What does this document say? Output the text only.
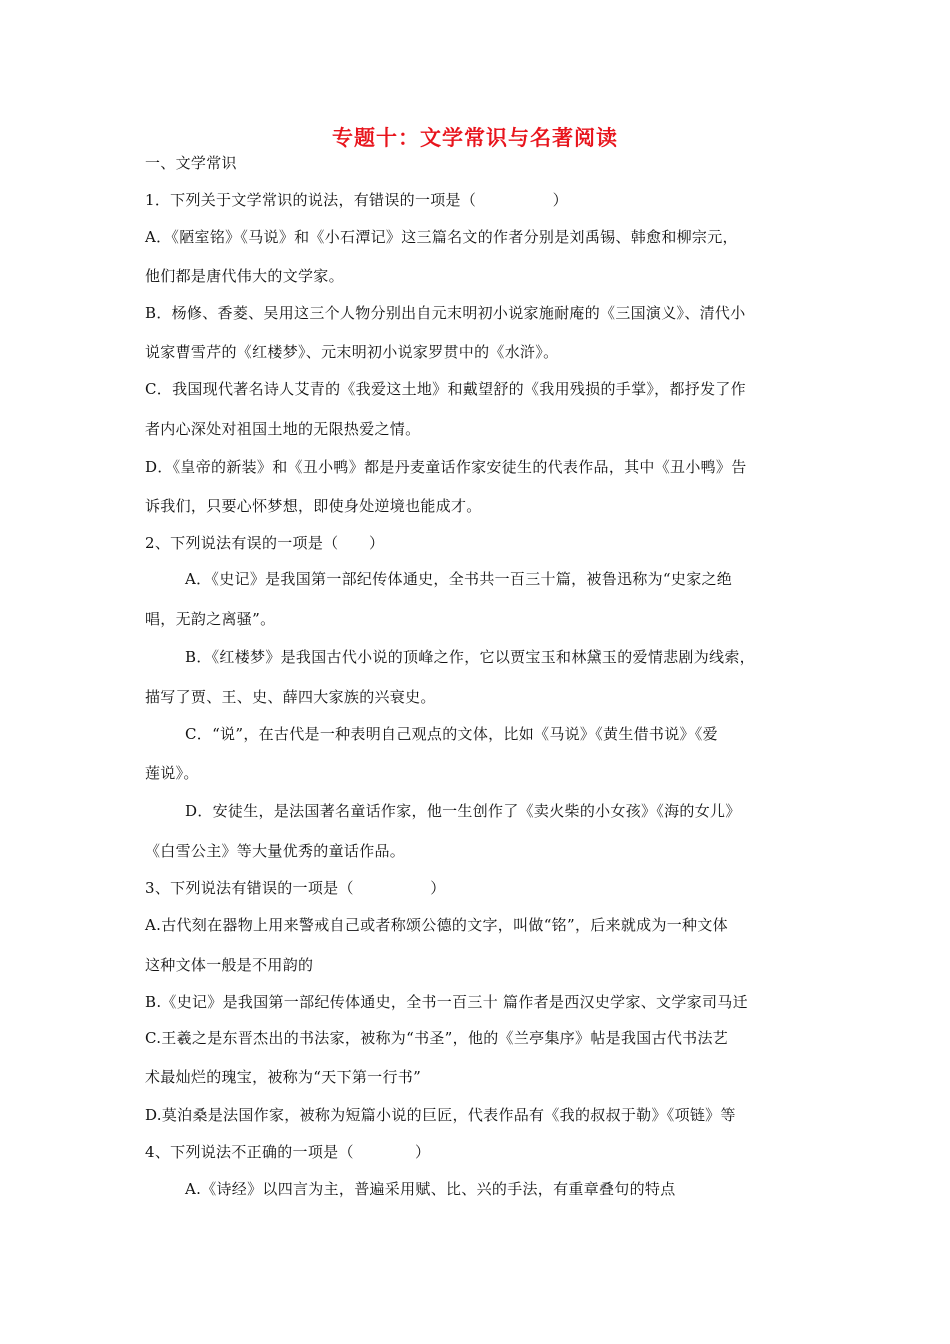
专题十：文学常识与名著阅读
一、文学常识
1．下列关于文学常识的说法，有错误的一项是（　　　　　）
A．《陋室铭》《马说》和《小石潭记》这三篇名文的作者分别是刘禹锡、韩愈和柳宗元，
他们都是唐代伟大的文学家。
B．杨修、香菱、吴用这三个人物分别出自元末明初小说家施耐庵的《三国演义》、清代小
说家曹雪芹的《红楼梦》、元末明初小说家罗贯中的《水浒》。
C．我国现代著名诗人艾青的《我爱这土地》和戴望舒的《我用残损的手掌》，都抒发了作
者内心深处对祖国土地的无限热爱之情。
D．《皇帝的新装》和《丑小鸭》都是丹麦童话作家安徒生的代表作品，其中《丑小鸭》告
诉我们，只要心怀梦想，即使身处逆境也能成才。
2、下列说法有误的一项是（　　）
A．《史记》是我国第一部纪传体通史，全书共一百三十篇，被鲁迅称为“史家之绝
唱，无韵之离骚”。
B．《红楼梦》是我国古代小说的顶峰之作，它以贾宝玉和林黛玉的爱情悲剧为线索，
描写了贾、王、史、薛四大家族的兴衰史。
C．“说”，在古代是一种表明自己观点的文体，比如《马说》《黄生借书说》《爱
莲说》。
D．安徒生，是法国著名童话作家，他一生创作了《卖火柴的小女孩》《海的女儿》
《白雪公主》等大量优秀的童话作品。
3、下列说法有错误的一项是（　　　　　）
A.古代刻在器物上用来警戒自己或者称颂公德的文字，叫做“铭”，后来就成为一种文体
这种文体一般是不用韵的
B.《史记》是我国第一部纪传体通史，全书一百三十 篇作者是西汉史学家、文学家司马迁
C.王羲之是东晋杰出的书法家，被称为“书圣”，他的《兰亭集序》帖是我国古代书法艺
术最灿烂的瑰宝，被称为“天下第一行书”
D.莫泊桑是法国作家，被称为短篇小说的巨匠，代表作品有《我的叔叔于勒》《项链》等
4、下列说法不正确的一项是（　　　　）
A.《诗经》以四言为主，普遍采用赋、比、兴的手法，有重章叠句的特点
